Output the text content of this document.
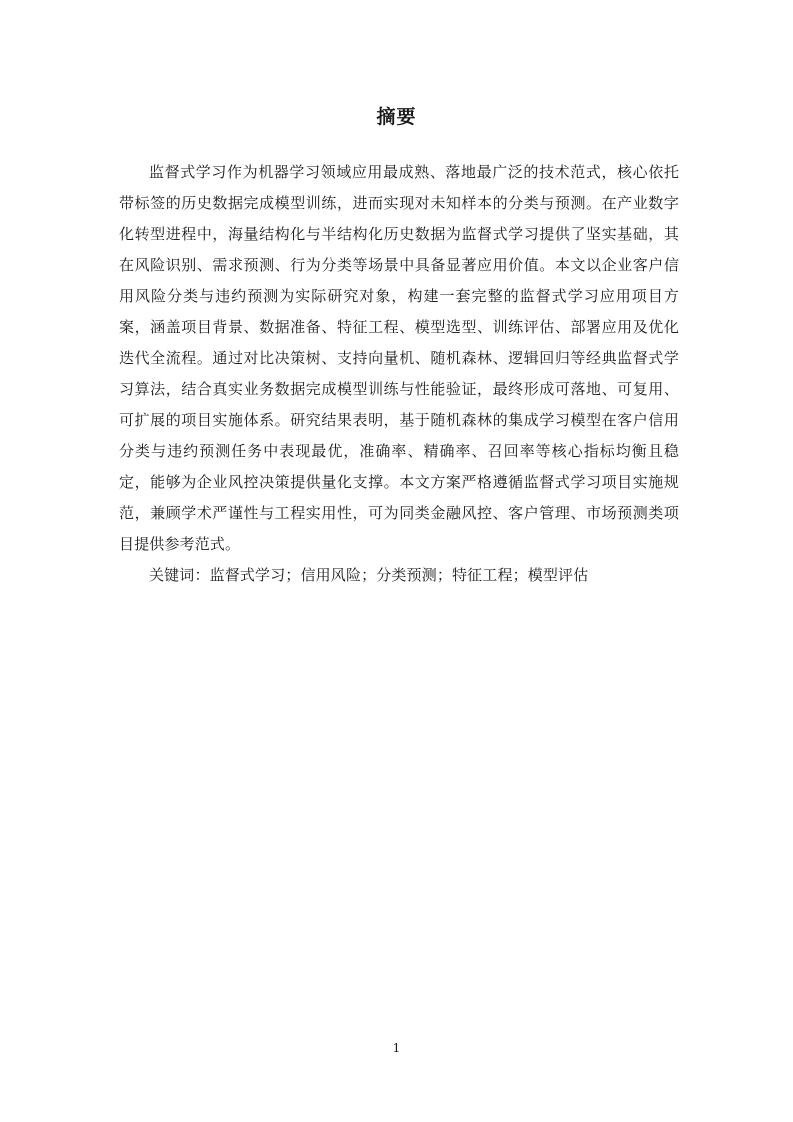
摘要

监督式学习作为机器学习领域应用最成熟、落地最广泛的技术范式，核心依托带标签的历史数据完成模型训练，进而实现对未知样本的分类与预测。在产业数字化转型进程中，海量结构化与半结构化历史数据为监督式学习提供了坚实基础，其在风险识别、需求预测、行为分类等场景中具备显著应用价值。本文以企业客户信用风险分类与违约预测为实际研究对象，构建一套完整的监督式学习应用项目方案，涵盖项目背景、数据准备、特征工程、模型选型、训练评估、部署应用及优化迭代全流程。通过对比决策树、支持向量机、随机森林、逻辑回归等经典监督式学习算法，结合真实业务数据完成模型训练与性能验证，最终形成可落地、可复用、可扩展的项目实施体系。研究结果表明，基于随机森林的集成学习模型在客户信用分类与违约预测任务中表现最优，准确率、精确率、召回率等核心指标均衡且稳定，能够为企业风控决策提供量化支撑。本文方案严格遵循监督式学习项目实施规范，兼顾学术严谨性与工程实用性，可为同类金融风控、客户管理、市场预测类项目提供参考范式。

关键词：监督式学习；信用风险；分类预测；特征工程；模型评估

1
